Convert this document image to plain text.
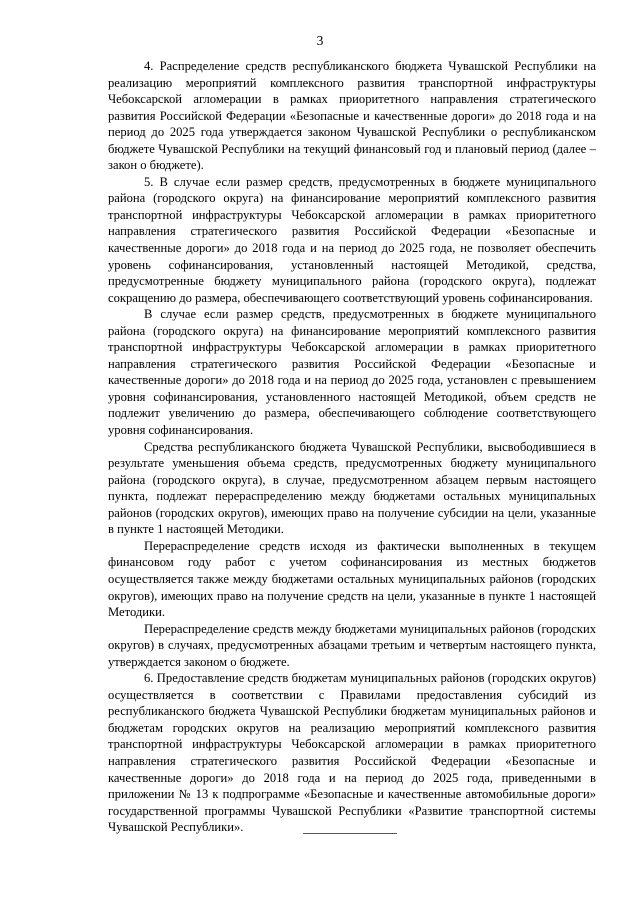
3

4. Распределение средств республиканского бюджета Чувашской Республики на реализацию мероприятий комплексного развития транспортной инфраструктуры Чебоксарской агломерации в рамках приоритетного направления стратегического развития Российской Федерации «Безопасные и качественные дороги» до 2018 года и на период до 2025 года утверждается законом Чувашской Республики о республиканском бюджете Чувашской Республики на текущий финансовый год и плановый период (далее – закон о бюджете).

5. В случае если размер средств, предусмотренных в бюджете муниципального района (городского округа) на финансирование мероприятий комплексного развития транспортной инфраструктуры Чебоксарской агломерации в рамках приоритетного направления стратегического развития Российской Федерации «Безопасные и качественные дороги» до 2018 года и на период до 2025 года, не позволяет обеспечить уровень софинансирования, установленный настоящей Методикой, средства, предусмотренные бюджету муниципального района (городского округа), подлежат сокращению до размера, обеспечивающего соответствующий уровень софинансирования.

В случае если размер средств, предусмотренных в бюджете муниципального района (городского округа) на финансирование мероприятий комплексного развития транспортной инфраструктуры Чебоксарской агломерации в рамках приоритетного направления стратегического развития Российской Федерации «Безопасные и качественные дороги» до 2018 года и на период до 2025 года, установлен с превышением уровня софинансирования, установленного настоящей Методикой, объем средств не подлежит увеличению до размера, обеспечивающего соблюдение соответствующего уровня софинансирования.

Средства республиканского бюджета Чувашской Республики, высвободившиеся в результате уменьшения объема средств, предусмотренных бюджету муниципального района (городского округа), в случае, предусмотренном абзацем первым настоящего пункта, подлежат перераспределению между бюджетами остальных муниципальных районов (городских округов), имеющих право на получение субсидии на цели, указанные в пункте 1 настоящей Методики.

Перераспределение средств исходя из фактически выполненных в текущем финансовом году работ с учетом софинансирования из местных бюджетов осуществляется также между бюджетами остальных муниципальных районов (городских округов), имеющих право на получение средств на цели, указанные в пункте 1 настоящей Методики.

Перераспределение средств между бюджетами муниципальных районов (городских округов) в случаях, предусмотренных абзацами третьим и четвертым настоящего пункта, утверждается законом о бюджете.

6. Предоставление средств бюджетам муниципальных районов (городских округов) осуществляется в соответствии с Правилами предоставления субсидий из республиканского бюджета Чувашской Республики бюджетам муниципальных районов и бюджетам городских округов на реализацию мероприятий комплексного развития транспортной инфраструктуры Чебоксарской агломерации в рамках приоритетного направления стратегического развития Российской Федерации «Безопасные и качественные дороги» до 2018 года и на период до 2025 года, приведенными в приложении № 13 к подпрограмме «Безопасные и качественные автомобильные дороги» государственной программы Чувашской Республики «Развитие транспортной системы Чувашской Республики».
